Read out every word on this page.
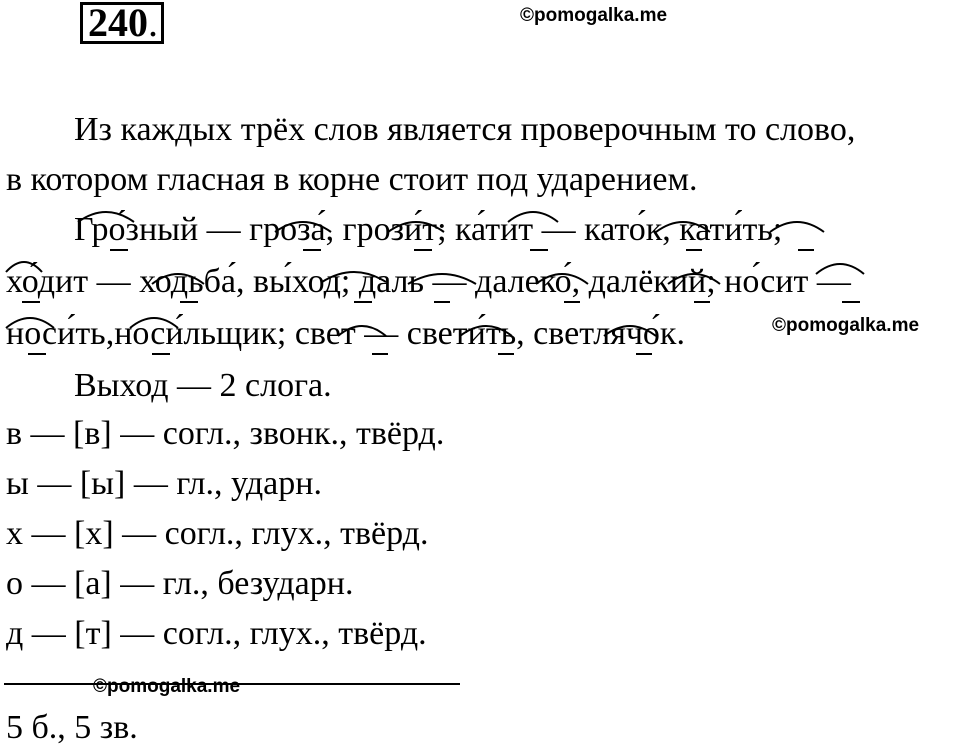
240 .	©pomogalka.me
Из каждых трёх слов является проверочным то слово,
в котором гласная в корне стоит под ударением.
Гро́зный — гроза́, грози́т; ка́тит — като́к, кати́ть;
хо́дит — ходьба́, вы́ход; даль — далеко́, далёкий; но́сит —
носи́ть,носи́льщик; свет — свети́ть, светлячо́к.	©pomogalka.me
Выход — 2 слога.
в — [в] — согл., звонк., твёрд.
ы — [ы] — гл., ударн.
х — [х] — согл., глух., твёрд.
о — [а] — гл., безударн.
д — [т] — согл., глух., твёрд.
©pomogalka.me
5 б., 5 зв.
